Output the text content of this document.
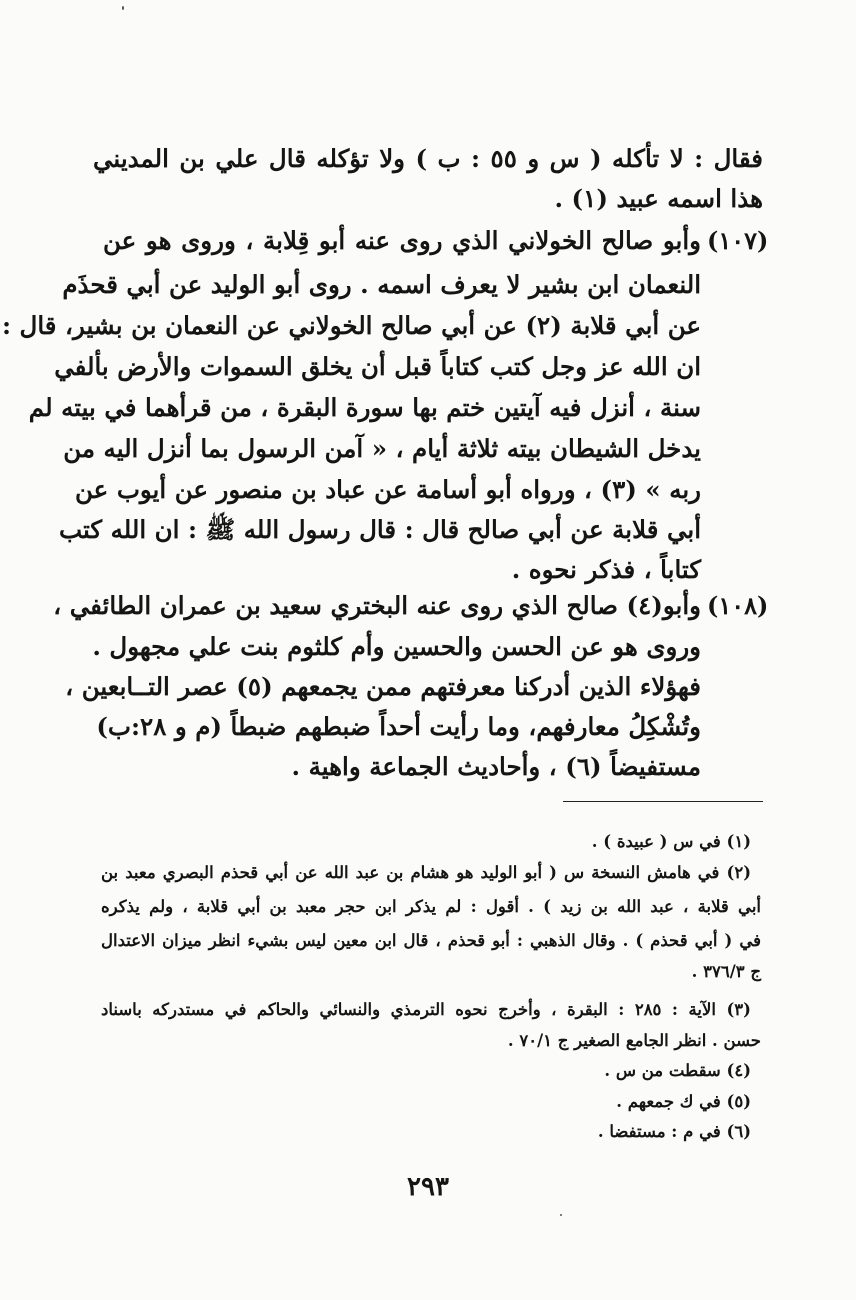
فقال : لا تأكله ( س و ٥٥ : ب ) ولا تؤكله قال علي بن المديني
هذا اسمه عبيد (١) .
(١٠٧)
وأبو صالح الخولاني الذي روى عنه أبو قِلابة ، وروى هو عن
النعمان ابن بشير لا يعرف اسمه . روى أبو الوليد عن أبي قحذَم
عن أبي قلابة (٢) عن أبي صالح الخولاني عن النعمان بن بشير، قال :
ان الله عز وجل كتب كتاباً قبل أن يخلق السموات والأرض بألفي
سنة ، أنزل فيه آيتين ختم بها سورة البقرة ، من قرأهما في بيته لم
يدخل الشيطان بيته ثلاثة أيام ، « آمن الرسول بما أنزل اليه من
ربه » (٣) ، ورواه أبو أسامة عن عباد بن منصور عن أيوب عن
أبي قلابة عن أبي صالح قال : قال رسول الله ﷺ : ان الله كتب
كتاباً ، فذكر نحوه .
(١٠٨)
وأبو(٤) صالح الذي روى عنه البختري سعيد بن عمران الطائفي ،
وروى هو عن الحسن والحسين وأم كلثوم بنت علي مجهول .
فهؤلاء الذين أدركنا معرفتهم ممن يجمعهم (٥) عصر التــابعين ،
وتُشْكِلُ معارفهم، وما رأيت أحداً ضبطهم ضبطاً (م و ٢٨:ب)
مستفيضاً (٦) ، وأحاديث الجماعة واهية .
(١) في س ( عبيدة ) .
(٢) في هامش النسخة س ( أبو الوليد هو هشام بن عبد الله عن أبي قحذم البصري معبد بن
أبي قلابة ، عبد الله بن زيد ) . أقول : لم يذكر ابن حجر معبد بن أبي قلابة ، ولم يذكره
في ( أبي قحذم ) . وقال الذهبي : أبو قحذم ، قال ابن معين ليس بشيء انظر ميزان الاعتدال
ج ٣٧٦/٣ .
(٣) الآية : ٢٨٥ : البقرة ، وأخرج نحوه الترمذي والنسائي والحاكم في مستدركه باسناد
حسن . انظر الجامع الصغير ج ٧٠/١ .
(٤) سقطت من س .
(٥) في ك جمعهم .
(٦) في م : مستفضا .
٢٩٣
